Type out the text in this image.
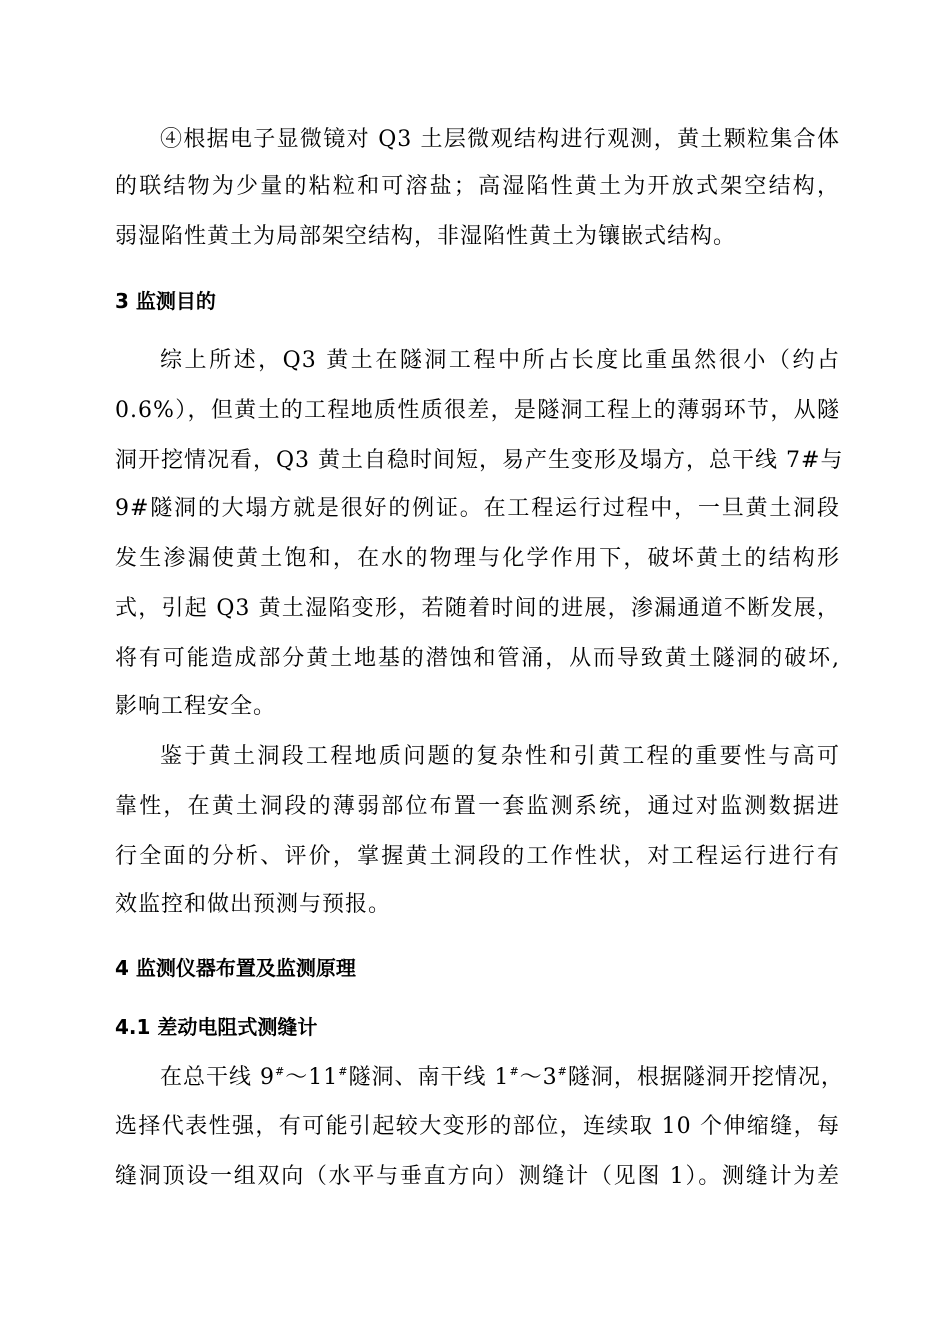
④根据电子显微镜对 Q3 土层微观结构进行观测，黄土颗粒集合体
的联结物为少量的粘粒和可溶盐；高湿陷性黄土为开放式架空结构，
弱湿陷性黄土为局部架空结构，非湿陷性黄土为镶嵌式结构。
3 监测目的
综上所述，Q3 黄土在隧洞工程中所占长度比重虽然很小（约占
0.6%），但黄土的工程地质性质很差，是隧洞工程上的薄弱环节，从隧
洞开挖情况看，Q3 黄土自稳时间短，易产生变形及塌方，总干线 7#与
9#隧洞的大塌方就是很好的例证。在工程运行过程中，一旦黄土洞段
发生渗漏使黄土饱和，在水的物理与化学作用下，破坏黄土的结构形
式，引起 Q3 黄土湿陷变形，若随着时间的进展，渗漏通道不断发展，
将有可能造成部分黄土地基的潜蚀和管涌，从而导致黄土隧洞的破坏,
影响工程安全。
鉴于黄土洞段工程地质问题的复杂性和引黄工程的重要性与高可
靠性，在黄土洞段的薄弱部位布置一套监测系统，通过对监测数据进
行全面的分析、评价，掌握黄土洞段的工作性状，对工程运行进行有
效监控和做出预测与预报。
4 监测仪器布置及监测原理
4.1 差动电阻式测缝计
在总干线 9#～11#隧洞、南干线 1#～3#隧洞，根据隧洞开挖情况，
选择代表性强，有可能引起较大变形的部位，连续取 10 个伸缩缝，每
缝洞顶设一组双向（水平与垂直方向）测缝计（见图 1）。测缝计为差
